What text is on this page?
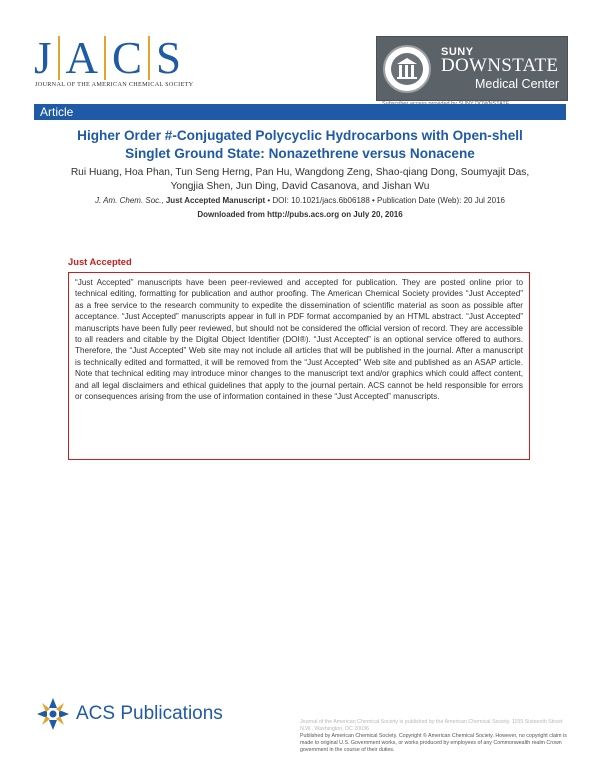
J A C S
JOURNAL OF THE AMERICAN CHEMICAL SOCIETY
SUNY
DOWNSTATE
Medical Center
Article
Higher Order #-Conjugated Polycyclic Hydrocarbons with Open-shell Singlet Ground State: Nonazethrene versus Nonacene
Rui Huang, Hoa Phan, Tun Seng Herng, Pan Hu, Wangdong Zeng, Shao-qiang Dong, Soumyajit Das, Yongjia Shen, Jun Ding, David Casanova, and Jishan Wu
J. Am. Chem. Soc., Just Accepted Manuscript • DOI: 10.1021/jacs.6b06188 • Publication Date (Web): 20 Jul 2016
Downloaded from http://pubs.acs.org on July 20, 2016
Just Accepted

“Just Accepted” manuscripts have been peer-reviewed and accepted for publication. They are posted online prior to technical editing, formatting for publication and author proofing. The American Chemical Society provides “Just Accepted” as a free service to the research community to expedite the dissemination of scientific material as soon as possible after acceptance. “Just Accepted” manuscripts appear in full in PDF format accompanied by an HTML abstract. “Just Accepted” manuscripts have been fully peer reviewed, but should not be considered the official version of record. They are accessible to all readers and citable by the Digital Object Identifier (DOI®). “Just Accepted” is an optional service offered to authors. Therefore, the “Just Accepted” Web site may not include all articles that will be published in the journal. After a manuscript is technically edited and formatted, it will be removed from the “Just Accepted” Web site and published as an ASAP article. Note that technical editing may introduce minor changes to the manuscript text and/or graphics which could affect content, and all legal disclaimers and ethical guidelines that apply to the journal pertain. ACS cannot be held responsible for errors or consequences arising from the use of information contained in these “Just Accepted” manuscripts.

ACS Publications	Journal of the American Chemical Society is published by the American Chemical Society. 1155 Sixteenth Street N.W., Washington, DC 20036
Published by American Chemical Society. Copyright © American Chemical Society. However, no copyright claim is made to original U.S. Government works, or works produced by employees of any Commonwealth realm Crown government in the course of their duties.
